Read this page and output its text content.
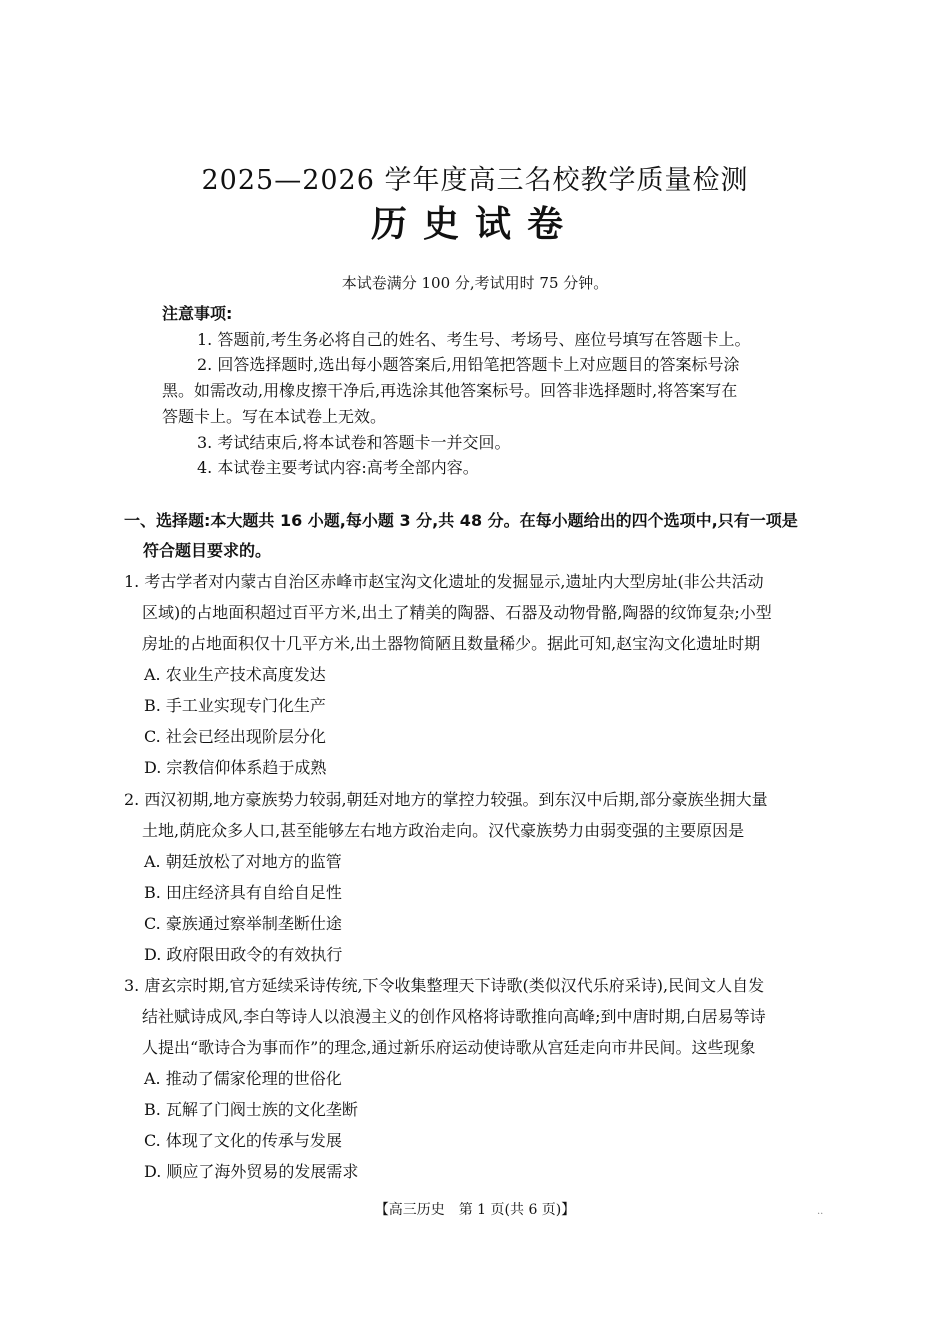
2025—2026 学年度高三名校教学质量检测
历史试卷
本试卷满分 100 分,考试用时 75 分钟。
注意事项:
1. 答题前,考生务必将自己的姓名、考生号、考场号、座位号填写在答题卡上。
2. 回答选择题时,选出每小题答案后,用铅笔把答题卡上对应题目的答案标号涂
黑。如需改动,用橡皮擦干净后,再选涂其他答案标号。回答非选择题时,将答案写在
答题卡上。写在本试卷上无效。
3. 考试结束后,将本试卷和答题卡一并交回。
4. 本试卷主要考试内容:高考全部内容。
一、选择题:本大题共 16 小题,每小题 3 分,共 48 分。在每小题给出的四个选项中,只有一项是
符合题目要求的。
1. 考古学者对内蒙古自治区赤峰市赵宝沟文化遗址的发掘显示,遗址内大型房址(非公共活动
区域)的占地面积超过百平方米,出土了精美的陶器、石器及动物骨骼,陶器的纹饰复杂;小型
房址的占地面积仅十几平方米,出土器物简陋且数量稀少。据此可知,赵宝沟文化遗址时期
A. 农业生产技术高度发达
B. 手工业实现专门化生产
C. 社会已经出现阶层分化
D. 宗教信仰体系趋于成熟
2. 西汉初期,地方豪族势力较弱,朝廷对地方的掌控力较强。到东汉中后期,部分豪族坐拥大量
土地,荫庇众多人口,甚至能够左右地方政治走向。汉代豪族势力由弱变强的主要原因是
A. 朝廷放松了对地方的监管
B. 田庄经济具有自给自足性
C. 豪族通过察举制垄断仕途
D. 政府限田政令的有效执行
3. 唐玄宗时期,官方延续采诗传统,下令收集整理天下诗歌(类似汉代乐府采诗),民间文人自发
结社赋诗成风,李白等诗人以浪漫主义的创作风格将诗歌推向高峰;到中唐时期,白居易等诗
人提出“歌诗合为事而作”的理念,通过新乐府运动使诗歌从宫廷走向市井民间。这些现象
A. 推动了儒家伦理的世俗化
B. 瓦解了门阀士族的文化垄断
C. 体现了文化的传承与发展
D. 顺应了海外贸易的发展需求
【高三历史　第 1 页(共 6 页)】	..
